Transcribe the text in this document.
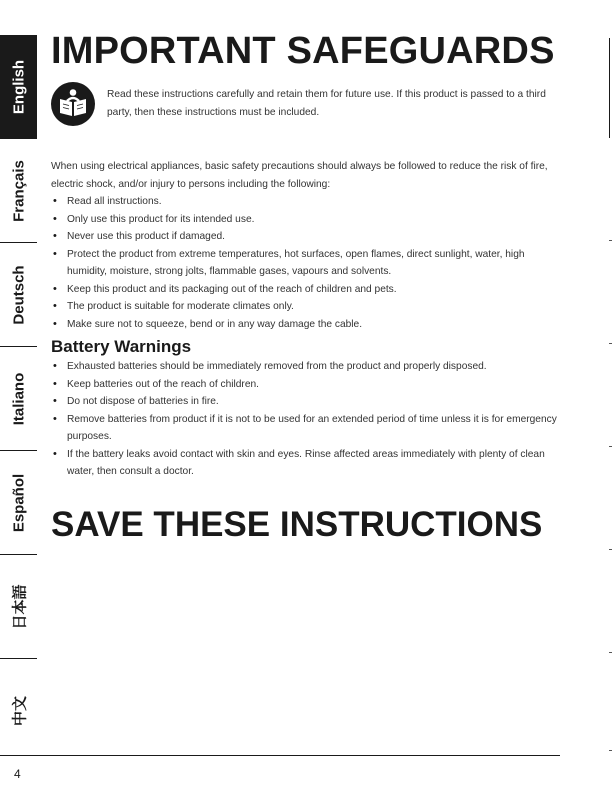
English
Français
Deutsch
Italiano
Español
日本語
中文
IMPORTANT SAFEGUARDS

Read these instructions carefully and retain them for future use. If this product is passed to a third party, then these instructions must be included.

When using electrical appliances, basic safety precautions should always be followed to reduce the risk of fire, electric shock, and/or injury to persons including the following:

• Read all instructions.
• Only use this product for its intended use.
• Never use this product if damaged.
• Protect the product from extreme temperatures, hot surfaces, open flames, direct sunlight, water, high humidity, moisture, strong jolts, flammable gases, vapours and solvents.
• Keep this product and its packaging out of the reach of children and pets.
• The product is suitable for moderate climates only.
• Make sure not to squeeze, bend or in any way damage the cable.
Battery Warnings
• Exhausted batteries should be immediately removed from the product and properly disposed.
• Keep batteries out of the reach of children.
• Do not dispose of batteries in fire.
• Remove batteries from product if it is not to be used for an extended period of time unless it is for emergency purposes.
• If the battery leaks avoid contact with skin and eyes. Rinse affected areas immediately with plenty of clean water, then consult a doctor.
SAVE THESE INSTRUCTIONS
4
